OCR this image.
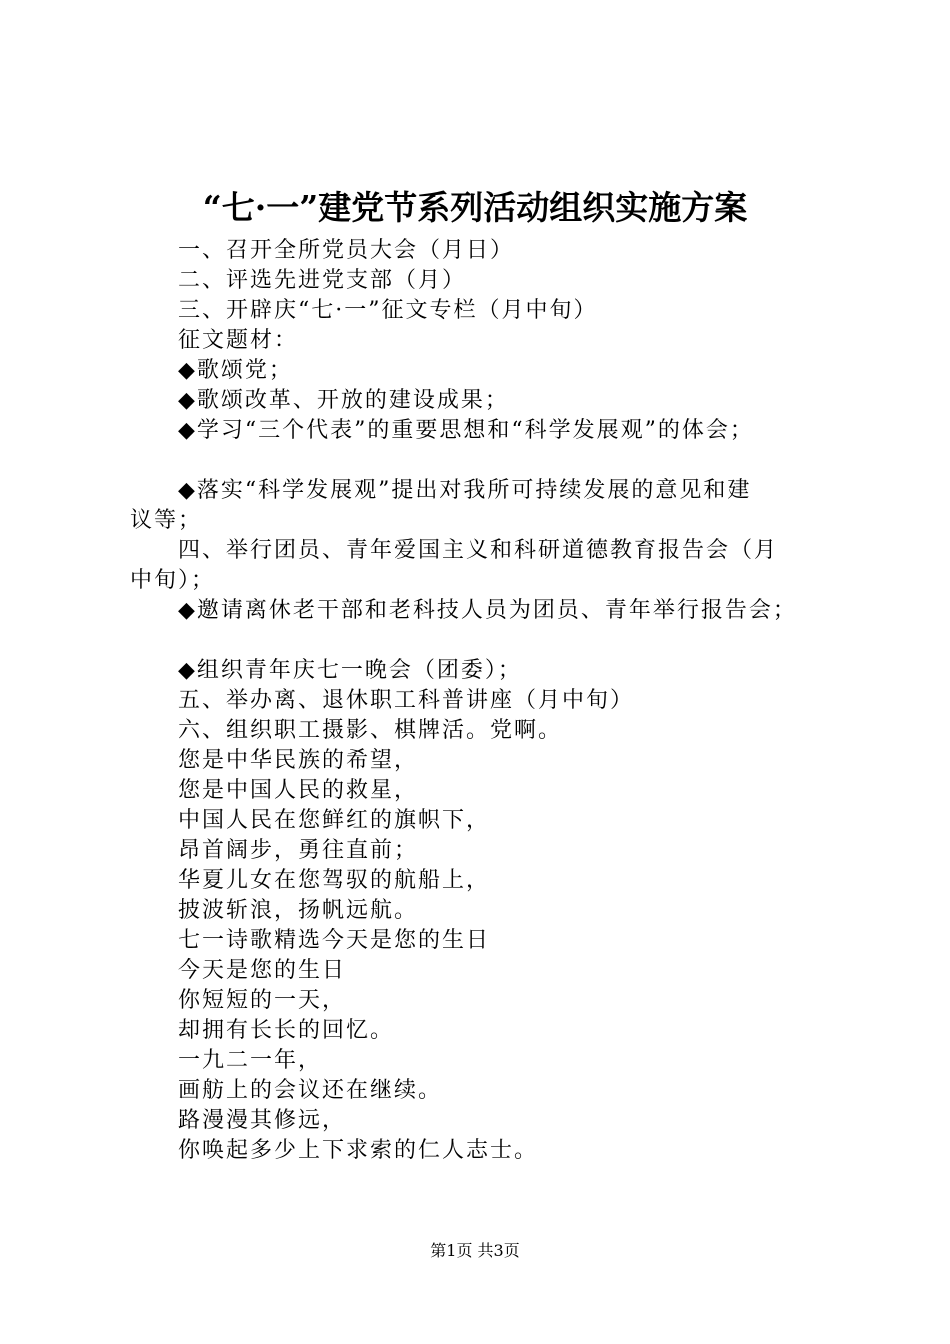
“七·一”建党节系列活动组织实施方案
一、召开全所党员大会（月日）
二、评选先进党支部（月）
三、开辟庆“七·一”征文专栏（月中旬）
征文题材：
◆歌颂党；
◆歌颂改革、开放的建设成果；
◆学习“三个代表”的重要思想和“科学发展观”的体会；
◆落实“科学发展观”提出对我所可持续发展的意见和建
议等；
四、举行团员、青年爱国主义和科研道德教育报告会（月
中旬）；
◆邀请离休老干部和老科技人员为团员、青年举行报告会；
◆组织青年庆七一晚会（团委）；
五、举办离、退休职工科普讲座（月中旬）
六、组织职工摄影、棋牌活。党啊。
您是中华民族的希望，
您是中国人民的救星，
中国人民在您鲜红的旗帜下，
昂首阔步，勇往直前；
华夏儿女在您驾驭的航船上，
披波斩浪，扬帆远航。
七一诗歌精选今天是您的生日
今天是您的生日
你短短的一天，
却拥有长长的回忆。
一九二一年，
画舫上的会议还在继续。
路漫漫其修远，
你唤起多少上下求索的仁人志士。
第1页 共3页
